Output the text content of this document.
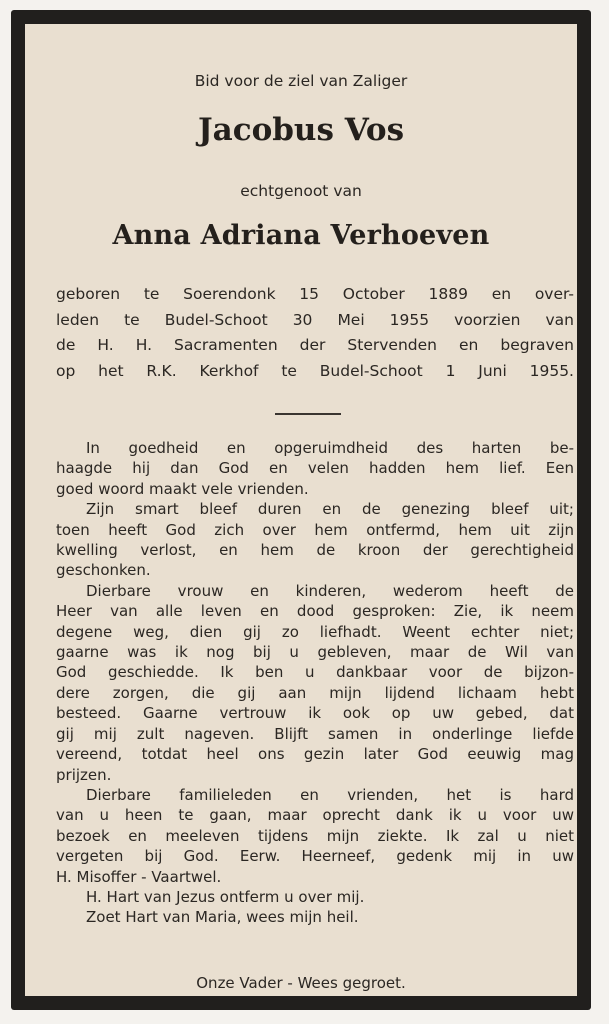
Bid voor de ziel van Zaliger
Jacobus Vos
echtgenoot van
Anna Adriana Verhoeven
geboren te Soerendonk 15 October 1889 en over-
leden te Budel-Schoot 30 Mei 1955 voorzien van
de H. H. Sacramenten der Stervenden en begraven
op het R.K. Kerkhof te Budel-Schoot 1 Juni 1955.
In goedheid en opgeruimdheid des harten be-
haagde hij dan God en velen hadden hem lief. Een
goed woord maakt vele vrienden.
Zijn smart bleef duren en de genezing bleef uit;
toen heeft God zich over hem ontfermd, hem uit zijn
kwelling verlost, en hem de kroon der gerechtigheid
geschonken.
Dierbare vrouw en kinderen, wederom heeft de
Heer van alle leven en dood gesproken: Zie, ik neem
degene weg, dien gij zo liefhadt. Weent echter niet;
gaarne was ik nog bij u gebleven, maar de Wil van
God geschiedde. Ik ben u dankbaar voor de bijzon-
dere zorgen, die gij aan mijn lijdend lichaam hebt
besteed. Gaarne vertrouw ik ook op uw gebed, dat
gij mij zult nageven. Blijft samen in onderlinge liefde
vereend, totdat heel ons gezin later God eeuwig mag
prijzen.
Dierbare familieleden en vrienden, het is hard
van u heen te gaan, maar oprecht dank ik u voor uw
bezoek en meeleven tijdens mijn ziekte. Ik zal u niet
vergeten bij God. Eerw. Heerneef, gedenk mij in uw
H. Misoffer - Vaartwel.
H. Hart van Jezus ontferm u over mij.
Zoet Hart van Maria, wees mijn heil.
Onze Vader - Wees gegroet.
